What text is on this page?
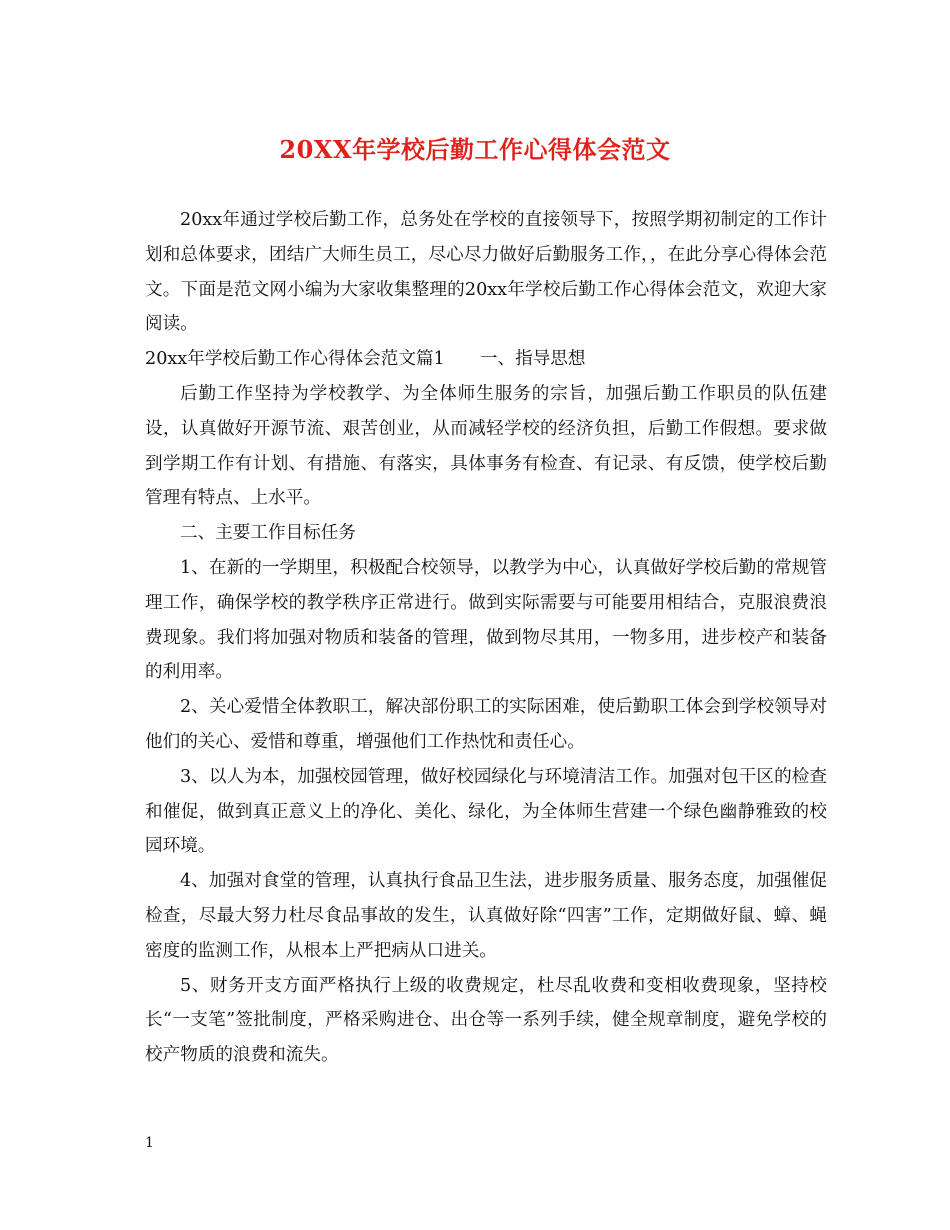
20XX年学校后勤工作心得体会范文

20xx年通过学校后勤工作，总务处在学校的直接领导下，按照学期初制定的工作计划和总体要求，团结广大师生员工，尽心尽力做好后勤服务工作，，在此分享心得体会范文。下面是范文网小编为大家收集整理的20xx年学校后勤工作心得体会范文，欢迎大家阅读。

20xx年学校后勤工作心得体会范文篇1　　一、指导思想

后勤工作坚持为学校教学、为全体师生服务的宗旨，加强后勤工作职员的队伍建设，认真做好开源节流、艰苦创业，从而减轻学校的经济负担，后勤工作假想。要求做到学期工作有计划、有措施、有落实，具体事务有检查、有记录、有反馈，使学校后勤管理有特点、上水平。

二、主要工作目标任务

1、在新的一学期里，积极配合校领导，以教学为中心，认真做好学校后勤的常规管理工作，确保学校的教学秩序正常进行。做到实际需要与可能要用相结合，克服浪费浪费现象。我们将加强对物质和装备的管理，做到物尽其用，一物多用，进步校产和装备的利用率。

2、关心爱惜全体教职工，解决部份职工的实际困难，使后勤职工体会到学校领导对他们的关心、爱惜和尊重，增强他们工作热忱和责任心。

3、以人为本，加强校园管理，做好校园绿化与环境清洁工作。加强对包干区的检查和催促，做到真正意义上的净化、美化、绿化，为全体师生营建一个绿色幽静雅致的校园环境。

4、加强对食堂的管理，认真执行食品卫生法，进步服务质量、服务态度，加强催促检查，尽最大努力杜尽食品事故的发生，认真做好除“四害”工作，定期做好鼠、蟑、蝇密度的监测工作，从根本上严把病从口进关。

5、财务开支方面严格执行上级的收费规定，杜尽乱收费和变相收费现象，坚持校长“一支笔”签批制度，严格采购进仓、出仓等一系列手续，健全规章制度，避免学校的校产物质的浪费和流失。

1
